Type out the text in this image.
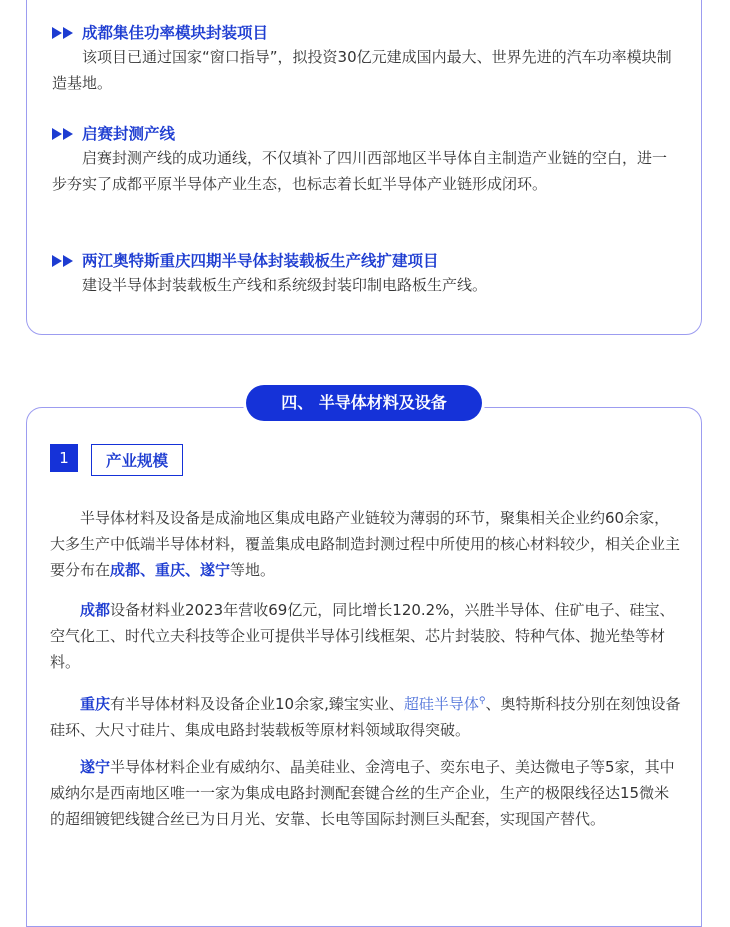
成都集佳功率模块封装项目
该项目已通过国家“窗口指导”，拟投资30亿元建成国内最大、世界先进的汽车功率模块制造基地。
启赛封测产线
启赛封测产线的成功通线，不仅填补了四川西部地区半导体自主制造产业链的空白，进一步夯实了成都平原半导体产业生态，也标志着长虹半导体产业链形成闭环。
两江奥特斯重庆四期半导体封装载板生产线扩建项目
建设半导体封装载板生产线和系统级封装印制电路板生产线。
四、 半导体材料及设备
1	产业规模
半导体材料及设备是成渝地区集成电路产业链较为薄弱的环节，聚集相关企业约60余家，大多生产中低端半导体材料，覆盖集成电路制造封测过程中所使用的核心材料较少，相关企业主要分布在成都、重庆、遂宁等地。
成都设备材料业2023年营收69亿元，同比增长120.2%，兴胜半导体、住矿电子、硅宝、空气化工、时代立夫科技等企业可提供半导体引线框架、芯片封装胶、特种气体、抛光垫等材料。
重庆有半导体材料及设备企业10余家,臻宝实业、超硅半导体⚲、奥特斯科技分别在刻蚀设备硅环、大尺寸硅片、集成电路封装载板等原材料领域取得突破。
遂宁半导体材料企业有威纳尔、晶美硅业、金湾电子、奕东电子、美达微电子等5家，其中威纳尔是西南地区唯一一家为集成电路封测配套键合丝的生产企业，生产的极限线径达15微米的超细镀钯线键合丝已为日月光、安靠、长电等国际封测巨头配套，实现国产替代。
